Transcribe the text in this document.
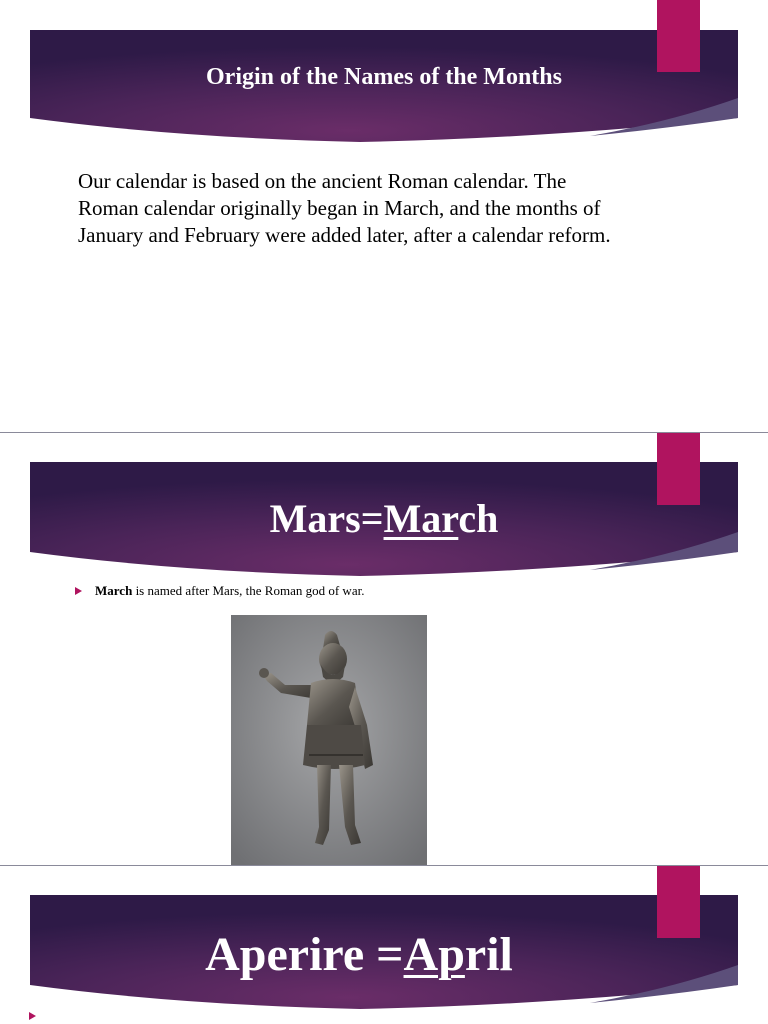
Origin of the Names of the Months
Our calendar is based on the ancient Roman calendar. The Roman calendar originally began in March, and the months of January and February were added later, after a calendar reform.
Mars=March
March is named after Mars, the Roman god of war.
Aperire =April
